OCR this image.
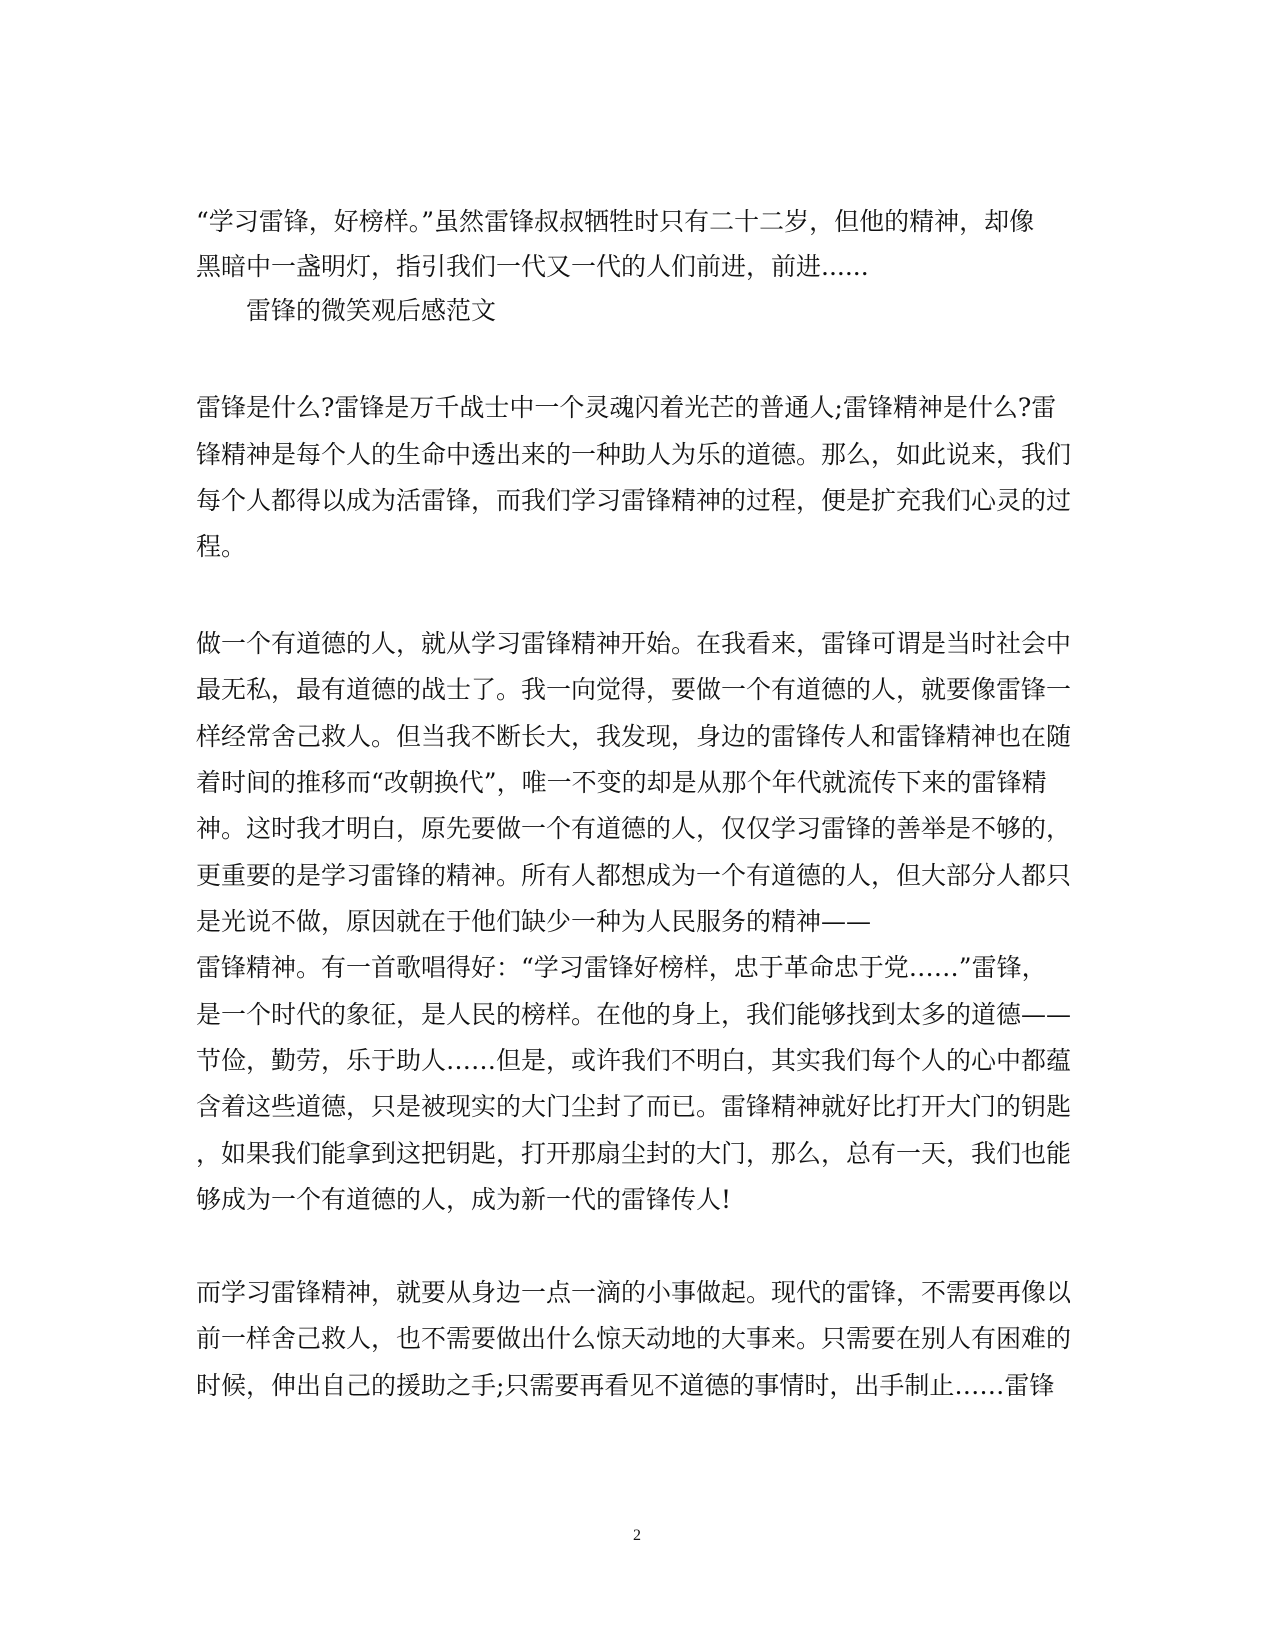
“学习雷锋，好榜样。”虽然雷锋叔叔牺牲时只有二十二岁，但他的精神，却像
黑暗中一盏明灯，指引我们一代又一代的人们前进，前进......
雷锋的微笑观后感范文
雷锋是什么?雷锋是万千战士中一个灵魂闪着光芒的普通人;雷锋精神是什么?雷
锋精神是每个人的生命中透出来的一种助人为乐的道德。那么，如此说来，我们
每个人都得以成为活雷锋，而我们学习雷锋精神的过程，便是扩充我们心灵的过
程。
做一个有道德的人，就从学习雷锋精神开始。在我看来，雷锋可谓是当时社会中
最无私，最有道德的战士了。我一向觉得，要做一个有道德的人，就要像雷锋一
样经常舍己救人。但当我不断长大，我发现，身边的雷锋传人和雷锋精神也在随
着时间的推移而“改朝换代”，唯一不变的却是从那个年代就流传下来的雷锋精
神。这时我才明白，原先要做一个有道德的人，仅仅学习雷锋的善举是不够的，
更重要的是学习雷锋的精神。所有人都想成为一个有道德的人，但大部分人都只
是光说不做，原因就在于他们缺少一种为人民服务的精神——
雷锋精神。有一首歌唱得好：“学习雷锋好榜样，忠于革命忠于党……”雷锋，
是一个时代的象征，是人民的榜样。在他的身上，我们能够找到太多的道德——
节俭，勤劳，乐于助人……但是，或许我们不明白，其实我们每个人的心中都蕴
含着这些道德，只是被现实的大门尘封了而已。雷锋精神就好比打开大门的钥匙
，如果我们能拿到这把钥匙，打开那扇尘封的大门，那么，总有一天，我们也能
够成为一个有道德的人，成为新一代的雷锋传人!
而学习雷锋精神，就要从身边一点一滴的小事做起。现代的雷锋，不需要再像以
前一样舍己救人，也不需要做出什么惊天动地的大事来。只需要在别人有困难的
时候，伸出自己的援助之手;只需要再看见不道德的事情时，出手制止……雷锋
2
